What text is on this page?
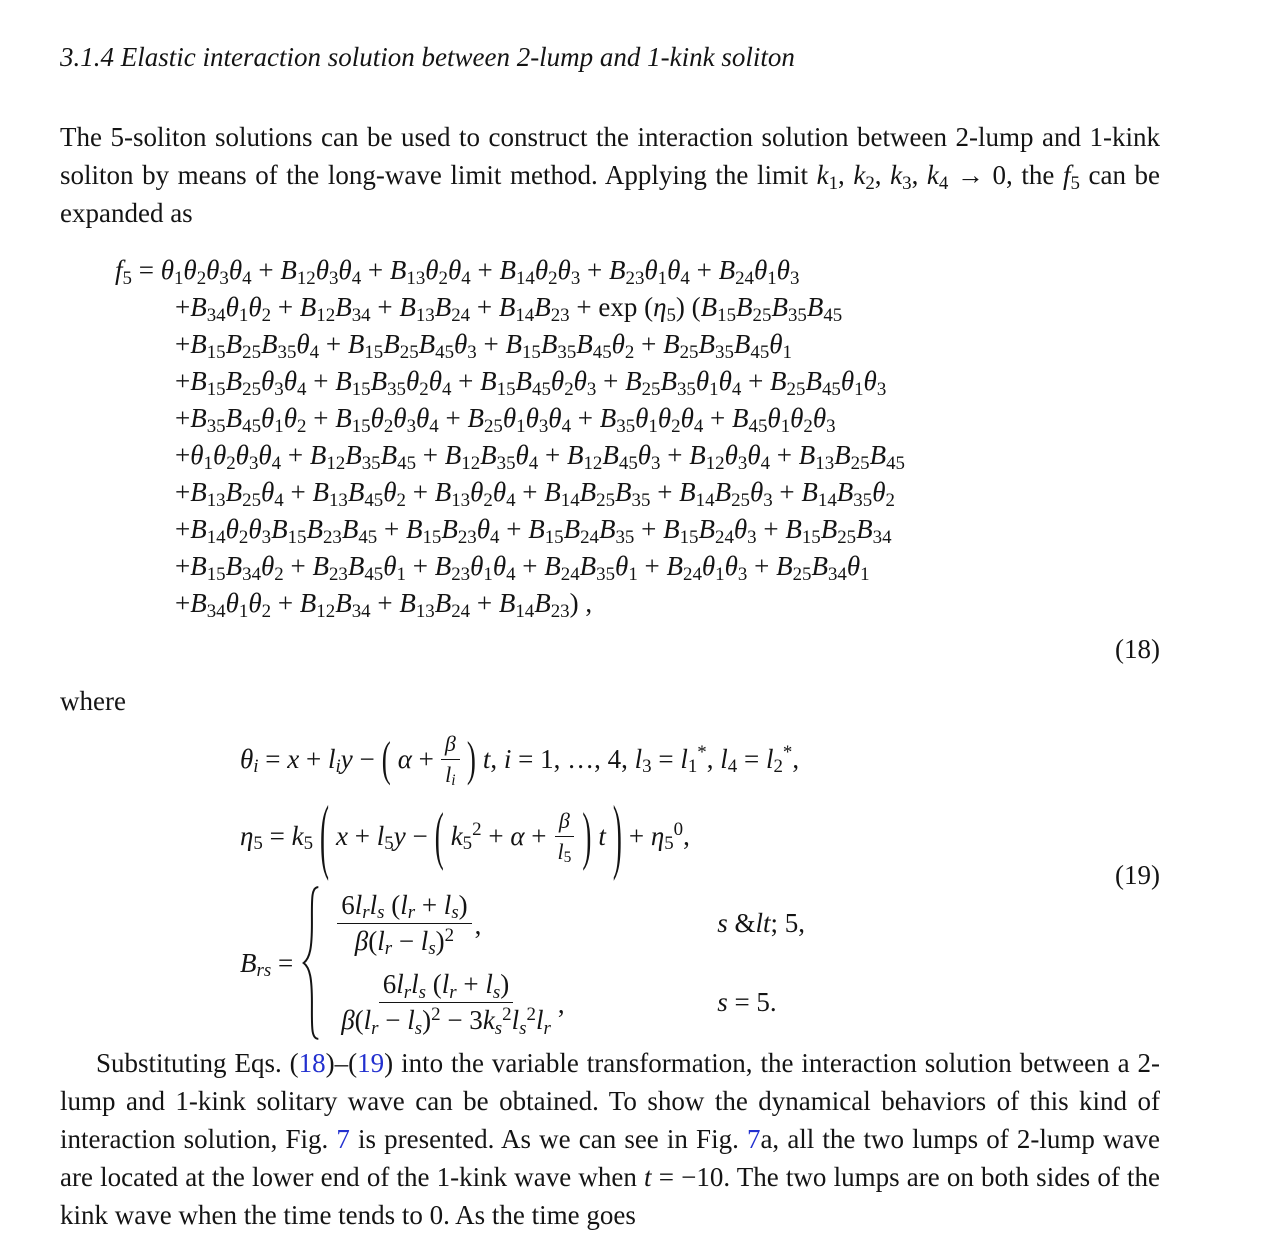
3.1.4 Elastic interaction solution between 2-lump and 1-kink soliton

The 5-soliton solutions can be used to construct the interaction solution between 2-lump and 1-kink soliton by means of the long-wave limit method. Applying the limit $k_1$, $k_2$, $k_3$, $k_4 \to 0$, the $f_5$ can be expanded as

$f_5 = \theta_1\theta_2\theta_3\theta_4 + B_{12}\theta_3\theta_4 + B_{13}\theta_2\theta_4 + B_{14}\theta_2\theta_3 + B_{23}\theta_1\theta_4 + B_{24}\theta_1\theta_3$
$+B_{34}\theta_1\theta_2 + B_{12}B_{34} + B_{13}B_{24} + B_{14}B_{23} + \exp (\eta_5)$ ($B_{15}B_{25}B_{35}B_{45}$
$+B_{15}B_{25}B_{35}\theta_4 + B_{15}B_{25}B_{45}\theta_3 + B_{15}B_{35}B_{45}\theta_2 + B_{25}B_{35}B_{45}\theta_1$
$+B_{15}B_{25}\theta_3\theta_4 + B_{15}B_{35}\theta_2\theta_4 + B_{15}B_{45}\theta_2\theta_3 + B_{25}B_{35}\theta_1\theta_4 + B_{25}B_{45}\theta_1\theta_3$
$+B_{35}B_{45}\theta_1\theta_2 + B_{15}\theta_2\theta_3\theta_4 + B_{25}\theta_1\theta_3\theta_4 + B_{35}\theta_1\theta_2\theta_4 + B_{45}\theta_1\theta_2\theta_3$
$+\theta_1\theta_2\theta_3\theta_4 + B_{12}B_{35}B_{45} + B_{12}B_{35}\theta_4 + B_{12}B_{45}\theta_3 + B_{12}\theta_3\theta_4 + B_{13}B_{25}B_{45}$
$+B_{13}B_{25}\theta_4 + B_{13}B_{45}\theta_2 + B_{13}\theta_2\theta_4 + B_{14}B_{25}B_{35} + B_{14}B_{25}\theta_3 + B_{14}B_{35}\theta_2$
$+B_{14}\theta_2\theta_3B_{15}B_{23}B_{45} + B_{15}B_{23}\theta_4 + B_{15}B_{24}B_{35} + B_{15}B_{24}\theta_3 + B_{15}B_{25}B_{34}$
$+B_{15}B_{34}\theta_2 + B_{23}B_{45}\theta_1 + B_{23}\theta_1\theta_4 + B_{24}B_{35}\theta_1 + B_{24}\theta_1\theta_3 + B_{25}B_{34}\theta_1$
$+B_{34}\theta_1\theta_2 + B_{12}B_{34} + B_{13}B_{24} + B_{14}B_{23}$) ,
(18)

where

$\theta_i = x + l_iy$ − ( $\alpha + \frac{\beta}{l_i}$ ) t, i = 1, …, 4, $l_3 = l_1^*$, $l_4 = l_2^*$,
$\eta_5 = k_5$ ( $x + l_5y$ − ( $k_5^2 + \alpha + \frac{\beta}{l_5}$ ) t ) + $\eta_5^0$,
$B_{rs}$ =
$\frac{6l_rl_s (l_r + l_s)}{\beta(l_r - l_s)^2}$ ,	s &lt; 5,
$\frac{6l_rl_s (l_r + l_s)}{\beta(l_r - l_s)^2 - 3k_s^2l_s^2l_r}$ ,	s = 5.
(19)

Substituting Eqs. (18)–(19) into the variable transformation, the interaction solution between a 2-lump and 1-kink solitary wave can be obtained. To show the dynamical behaviors of this kind of interaction solution, Fig. 7 is presented. As we can see in Fig. 7a, all the two lumps of 2-lump wave are located at the lower end of the 1-kink wave when t = −10. The two lumps are on both sides of the kink wave when the time tends to 0. As the time goes
